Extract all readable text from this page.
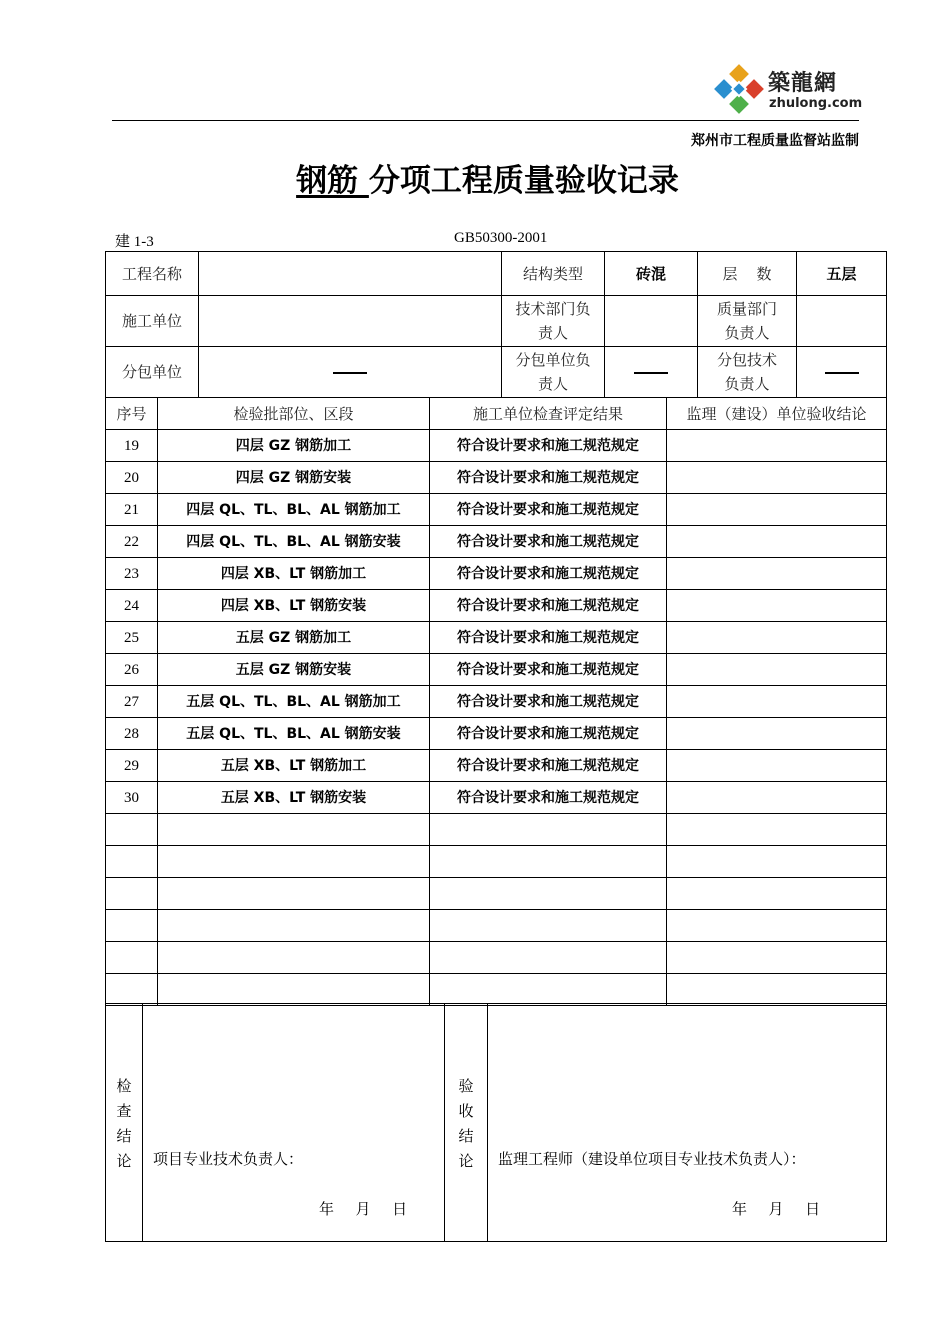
築龍網
zhulong.com
郑州市工程质量监督站监制
钢筋 分项工程质量验收记录
建 1-3	GB50300-2001
工程名称		结构类型	砖混	层    数	五层
施工单位		技术部门负责人		质量部门负责人	
分包单位		分包单位负责人		分包技术负责人	
序号	检验批部位、区段	施工单位检查评定结果	监理（建设）单位验收结论
19	四层 GZ 钢筋加工	符合设计要求和施工规范规定	
20	四层 GZ 钢筋安装	符合设计要求和施工规范规定	
21	四层 QL、TL、BL、AL 钢筋加工	符合设计要求和施工规范规定	
22	四层 QL、TL、BL、AL 钢筋安装	符合设计要求和施工规范规定	
23	四层 XB、LT 钢筋加工	符合设计要求和施工规范规定	
24	四层 XB、LT 钢筋安装	符合设计要求和施工规范规定	
25	五层 GZ 钢筋加工	符合设计要求和施工规范规定	
26	五层 GZ 钢筋安装	符合设计要求和施工规范规定	
27	五层 QL、TL、BL、AL 钢筋加工	符合设计要求和施工规范规定	
28	五层 QL、TL、BL、AL 钢筋安装	符合设计要求和施工规范规定	
29	五层 XB、LT 钢筋加工	符合设计要求和施工规范规定	
30	五层 XB、LT 钢筋安装	符合设计要求和施工规范规定	

检查结论	项目专业技术负责人：
年  月  日

验收结论	监理工程师（建设单位项目专业技术负责人）：
年  月  日
